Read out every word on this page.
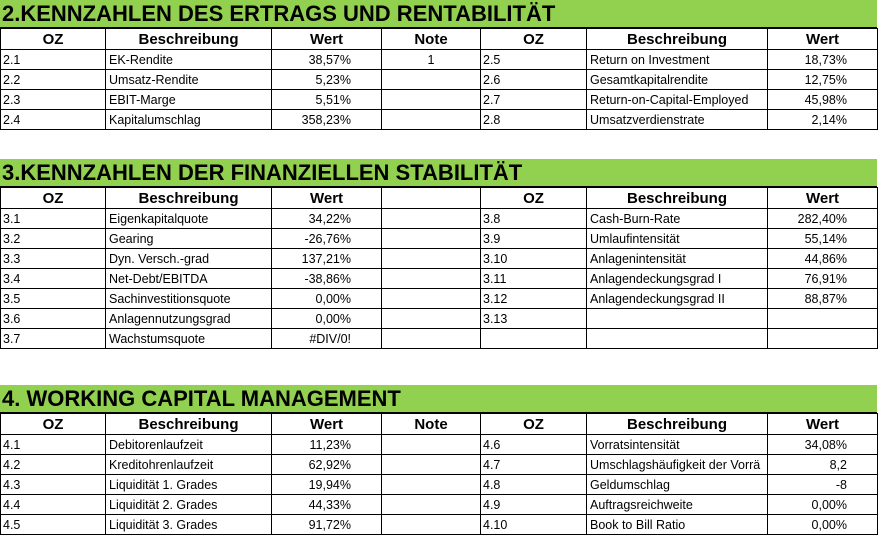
2.KENNZAHLEN DES ERTRAGS UND RENTABILITÄT
OZ	Beschreibung	Wert	Note	OZ	Beschreibung	Wert
2.1	EK-Rendite	38,57%	1	2.5	Return on Investment	18,73%
2.2	Umsatz-Rendite	5,23%		2.6	Gesamtkapitalrendite	12,75%
2.3	EBIT-Marge	5,51%		2.7	Return-on-Capital-Employed	45,98%
2.4	Kapitalumschlag	358,23%		2.8	Umsatzverdienstrate	2,14%
3.KENNZAHLEN DER FINANZIELLEN STABILITÄT
OZ	Beschreibung	Wert		OZ	Beschreibung	Wert
3.1	Eigenkapitalquote	34,22%		3.8	Cash-Burn-Rate	282,40%
3.2	Gearing	-26,76%		3.9	Umlaufintensität	55,14%
3.3	Dyn. Versch.-grad	137,21%		3.10	Anlagenintensität	44,86%
3.4	Net-Debt/EBITDA	-38,86%		3.11	Anlagendeckungsgrad I	76,91%
3.5	Sachinvestitionsquote	0,00%		3.12	Anlagendeckungsgrad II	88,87%
3.6	Anlagennutzungsgrad	0,00%		3.13		
3.7	Wachstumsquote	#DIV/0!				
4. WORKING CAPITAL MANAGEMENT
OZ	Beschreibung	Wert	Note	OZ	Beschreibung	Wert
4.1	Debitorenlaufzeit	11,23%		4.6	Vorratsintensität	34,08%
4.2	Kreditohrenlaufzeit	62,92%		4.7	Umschlagshäufigkeit der Vorrä	8,2
4.3	Liquidität 1. Grades	19,94%		4.8	Geldumschlag	-8
4.4	Liquidität 2. Grades	44,33%		4.9	Auftragsreichweite	0,00%
4.5	Liquidität 3. Grades	91,72%		4.10	Book to Bill Ratio	0,00%
